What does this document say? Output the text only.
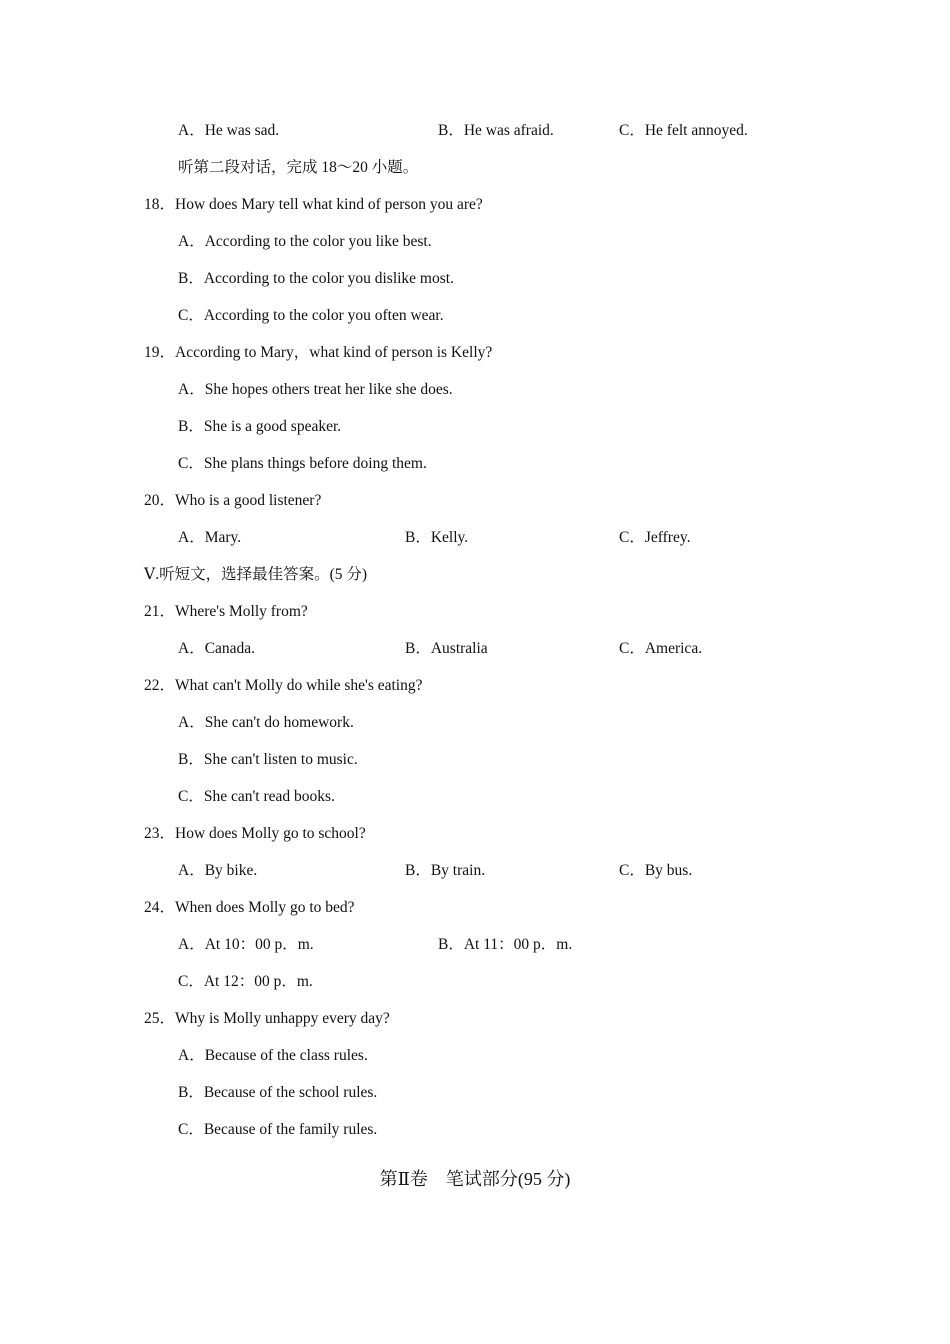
A．He was sad.	B．He was afraid.	C．He felt annoyed.
听第二段对话，完成 18～20 小题。
18．How does Mary tell what kind of person you are?
A．According to the color you like best.
B．According to the color you dislike most.
C．According to the color you often wear.
19．According to Mary，what kind of person is Kelly?
A．She hopes others treat her like she does.
B．She is a good speaker.
C．She plans things before doing them.
20．Who is a good listener?
A．Mary.	B．Kelly.	C．Jeffrey.
Ⅴ.听短文，选择最佳答案。(5 分)
21．Where's Molly from?
A．Canada.	B．Australia	C．America.
22．What can't Molly do while she's eating?
A．She can't do homework.
B．She can't listen to music.
C．She can't read books.
23．How does Molly go to school?
A．By bike.	B．By train.	C．By bus.
24．When does Molly go to bed?
A．At 10：00 p．m.	B．At 11：00 p．m.
C．At 12：00 p．m.
25．Why is Molly unhappy every day?
A．Because of the class rules.
B．Because of the school rules.
C．Because of the family rules.
第Ⅱ卷　笔试部分(95 分)
